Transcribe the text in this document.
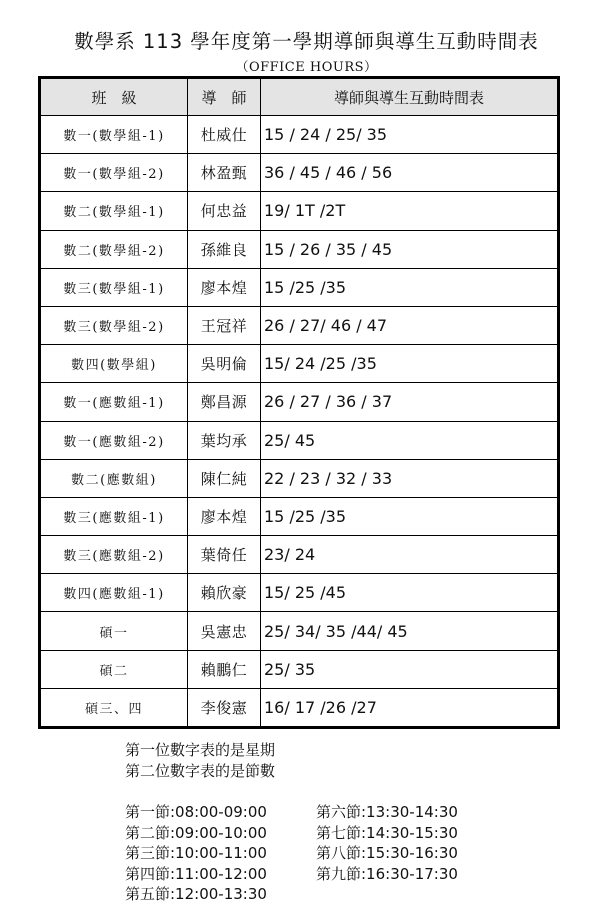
數學系 113 學年度第一學期導師與導生互動時間表
（OFFICE HOURS）
班　級	導　師	導師與導生互動時間表
數一(數學組-1)	杜威仕	15 / 24 / 25/ 35
數一(數學組-2)	林盈甄	36 / 45 / 46 / 56
數二(數學組-1)	何忠益	19/ 1T /2T
數二(數學組-2)	孫維良	15 / 26 / 35 / 45
數三(數學組-1)	廖本煌	15 /25 /35
數三(數學組-2)	王冠祥	26 / 27/ 46 / 47
數四(數學組)	吳明倫	15/ 24 /25 /35
數一(應數組-1)	鄭昌源	26 / 27 / 36 / 37
數一(應數組-2)	葉均承	25/ 45
數二(應數組)	陳仁純	22 / 23 / 32 / 33
數三(應數組-1)	廖本煌	15 /25 /35
數三(應數組-2)	葉倚任	23/ 24
數四(應數組-1)	賴欣豪	15/ 25 /45
碩一	吳憲忠	25/ 34/ 35 /44/ 45
碩二	賴鵬仁	25/ 35
碩三、四	李俊憲	16/ 17 /26 /27
第一位數字表的是星期
第二位數字表的是節數
第一節:08:00-09:00
第二節:09:00-10:00
第三節:10:00-11:00
第四節:11:00-12:00
第五節:12:00-13:30
第六節:13:30-14:30
第七節:14:30-15:30
第八節:15:30-16:30
第九節:16:30-17:30
